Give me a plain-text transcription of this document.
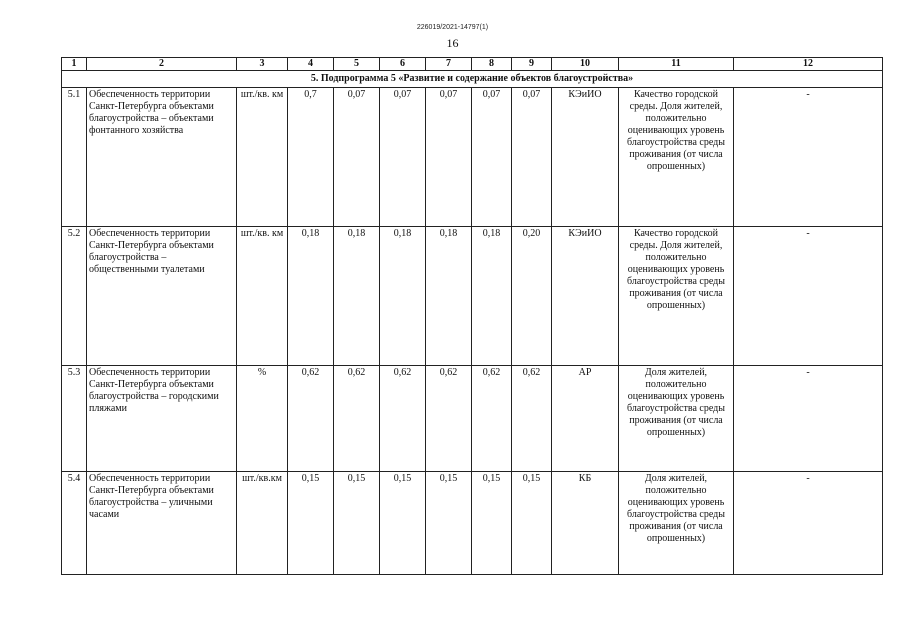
226019/2021-14797(1)
16
1	2	3	4	5	6	7	8	9	10	11	12
5. Подпрограмма 5 «Развитие и содержание объектов благоустройства»											
5.1	Обеспеченность территории Санкт-Петербурга объектами благоустройства – объектами фонтанного хозяйства	шт./кв. км	0,7	0,07	0,07	0,07	0,07	0,07	КЭиИО	Качество городской среды. Доля жителей, положительно оценивающих уровень благоустройства среды проживания (от числа опрошенных)	-
5.2	Обеспеченность территории Санкт-Петербурга объектами благоустройства – общественными туалетами	шт./кв. км	0,18	0,18	0,18	0,18	0,18	0,20	КЭиИО	Качество городской среды. Доля жителей, положительно оценивающих уровень благоустройства среды проживания (от числа опрошенных)	-
5.3	Обеспеченность территории Санкт-Петербурга объектами благоустройства – городскими пляжами	%	0,62	0,62	0,62	0,62	0,62	0,62	АР	Доля жителей, положительно оценивающих уровень благоустройства среды проживания (от числа опрошенных)	-
5.4	Обеспеченность территории Санкт-Петербурга объектами благоустройства – уличными часами	шт./кв.км	0,15	0,15	0,15	0,15	0,15	0,15	КБ	Доля жителей, положительно оценивающих уровень благоустройства среды проживания (от числа опрошенных)	-
